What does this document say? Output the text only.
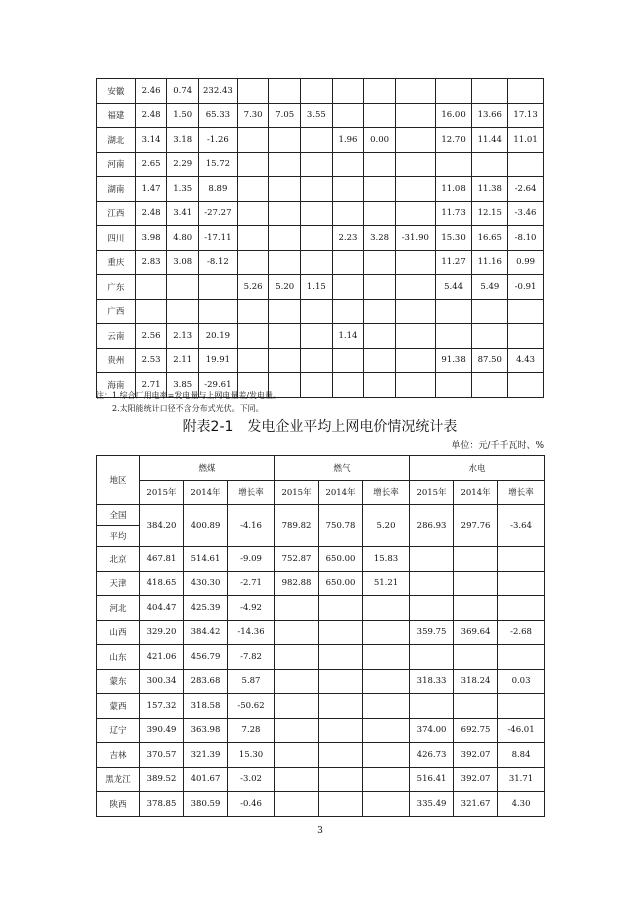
安徽	2.46	0.74	232.43									
福建	2.48	1.50	65.33	7.30	7.05	3.55				16.00	13.66	17.13
湖北	3.14	3.18	-1.26				1.96	0.00		12.70	11.44	11.01
河南	2.65	2.29	15.72									
湖南	1.47	1.35	8.89							11.08	11.38	-2.64
江西	2.48	3.41	-27.27							11.73	12.15	-3.46
四川	3.98	4.80	-17.11				2.23	3.28	-31.90	15.30	16.65	-8.10
重庆	2.83	3.08	-8.12							11.27	11.16	0.99
广东				5.26	5.20	1.15				5.44	5.49	-0.91
广西												
云南	2.56	2.13	20.19				1.14					
贵州	2.53	2.11	19.91							91.38	87.50	4.43
海南	2.71	3.85	-29.61									
注：1.综合厂用电率=发电量与上网电量差/发电量。
2.太阳能统计口径不含分布式光伏。下同。
附表2-1　发电企业平均上网电价情况统计表
单位：元/千千瓦时、%
地区	燃煤			燃气			水电		
	2015年	2014年	增长率	2015年	2014年	增长率	2015年	2014年	增长率
全国	384.20	400.89	-4.16	789.82	750.78	5.20	286.93	297.76	-3.64
平均									
北京	467.81	514.61	-9.09	752.87	650.00	15.83			
天津	418.65	430.30	-2.71	982.88	650.00	51.21			
河北	404.47	425.39	-4.92						
山西	329.20	384.42	-14.36				359.75	369.64	-2.68
山东	421.06	456.79	-7.82						
蒙东	300.34	283.68	5.87				318.33	318.24	0.03
蒙西	157.32	318.58	-50.62						
辽宁	390.49	363.98	7.28				374.00	692.75	-46.01
吉林	370.57	321.39	15.30				426.73	392.07	8.84
黑龙江	389.52	401.67	-3.02				516.41	392.07	31.71
陕西	378.85	380.59	-0.46				335.49	321.67	4.30
3
